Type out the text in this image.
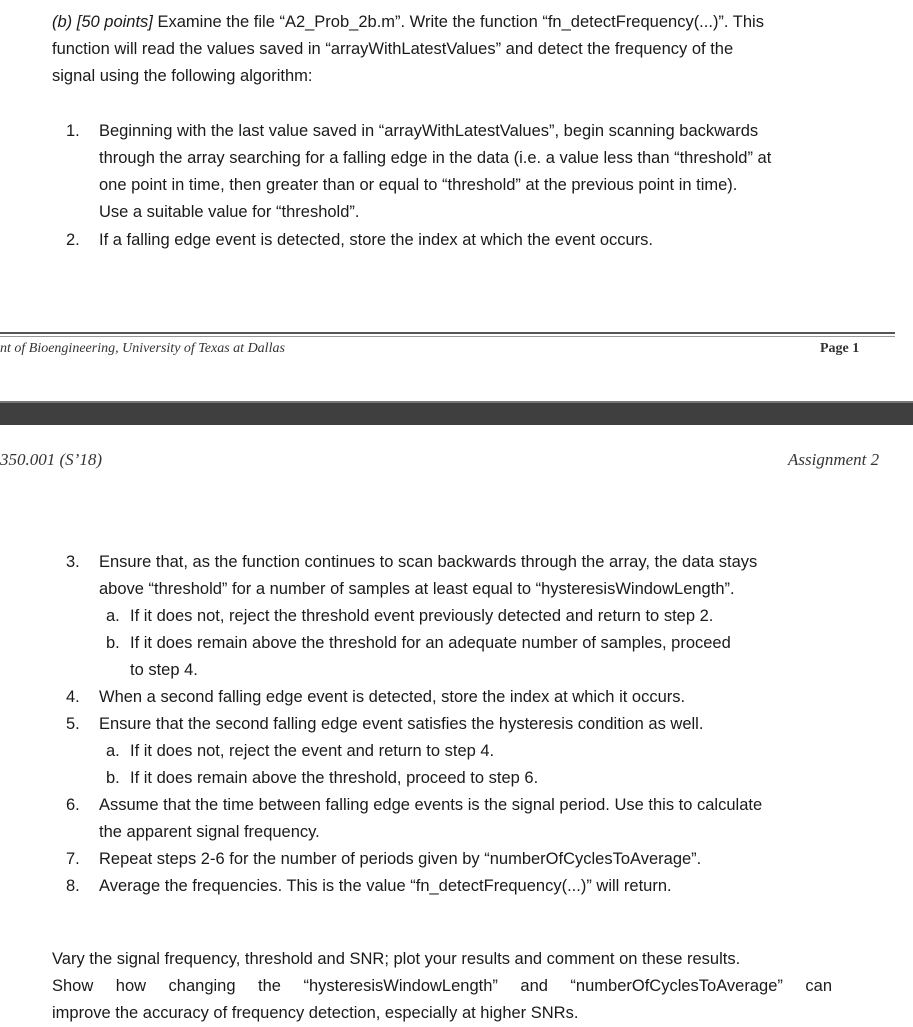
(b) [50 points] Examine the file “A2_Prob_2b.m”. Write the function “fn_detectFrequency(...)”. This
function will read the values saved in “arrayWithLatestValues” and detect the frequency of the
signal using the following algorithm:
1. Beginning with the last value saved in “arrayWithLatestValues”, begin scanning backwards
through the array searching for a falling edge in the data (i.e. a value less than “threshold” at
one point in time, then greater than or equal to “threshold” at the previous point in time).
Use a suitable value for “threshold”.
2. If a falling edge event is detected, store the index at which the event occurs.
nt of Bioengineering, University of Texas at Dallas	Page 1
350.001 (S’18)	Assignment 2
3. Ensure that, as the function continues to scan backwards through the array, the data stays
above “threshold” for a number of samples at least equal to “hysteresisWindowLength”.
a. If it does not, reject the threshold event previously detected and return to step 2.
b. If it does remain above the threshold for an adequate number of samples, proceed
to step 4.
4. When a second falling edge event is detected, store the index at which it occurs.
5. Ensure that the second falling edge event satisfies the hysteresis condition as well.
a. If it does not, reject the event and return to step 4.
b. If it does remain above the threshold, proceed to step 6.
6. Assume that the time between falling edge events is the signal period. Use this to calculate
the apparent signal frequency.
7. Repeat steps 2-6 for the number of periods given by “numberOfCyclesToAverage”.
8. Average the frequencies. This is the value “fn_detectFrequency(...)” will return.
Vary the signal frequency, threshold and SNR; plot your results and comment on these results.
Show how changing the “hysteresisWindowLength” and “numberOfCyclesToAverage” can
improve the accuracy of frequency detection, especially at higher SNRs.
